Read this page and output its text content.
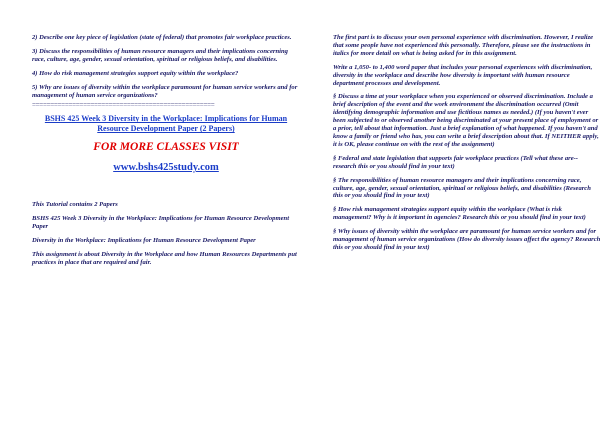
2) Describe one key piece of legislation (state of federal) that promotes fair workplace practices.

3) Discuss the responsibilities of human resource managers and their implications concerning race, culture, age, gender, sexual orientation, spiritual or religious beliefs, and disabilities.

4) How do risk management strategies support equity within the workplace?

5) Why are issues of diversity within the workplace paramount for human service workers and for management of human service organizations?

==================================================

BSHS 425 Week 3 Diversity in the Workplace: Implications for Human Resource Development Paper (2 Papers)

FOR MORE CLASSES VISIT

www.bshs425study.com

This Tutorial contains 2 Papers

BSHS 425 Week 3 Diversity in the Workplace: Implications for Human Resource Development Paper

Diversity in the Workplace: Implications for Human Resource Development Paper

This assignment is about Diversity in the Workplace and how Human Resources Departments put practices in place that are required and fair.

The first part is to discuss your own personal experience with discrimination. However, I realize that some people have not experienced this personally. Therefore, please see the instructions in italics for more detail on what is being asked for in this assignment.

Write a 1,050- to 1,400 word paper that includes your personal experiences with discrimination, diversity in the workplace and describe how diversity is important with human resource department processes and development.

§ Discuss a time at your workplace when you experienced or observed discrimination. Include a brief description of the event and the work environment the discrimination occurred (Omit identifying demographic information and use fictitious names as needed.) (If you haven't ever been subjected to or observed another being discriminated at your present place of employment or a prior, tell about that information. Just a brief explanation of what happened. If you haven't and know a family or friend who has, you can write a brief description about that. If NEITHER apply, it is OK, please continue on with the rest of the assignment)

§ Federal and state legislation that supports fair workplace practices (Tell what these are--research this or you should find in your text)

§ The responsibilities of human resource managers and their implications concerning race, culture, age, gender, sexual orientation, spiritual or religious beliefs, and disabilities (Research this or you should find in your text)

§ How risk management strategies support equity within the workplace (What is risk management? Why is it important in agencies? Research this or you should find in your text)

§ Why issues of diversity within the workplace are paramount for human service workers and for management of human service organizations (How do diversity issues affect the agency? Research this or you should find in your text)
